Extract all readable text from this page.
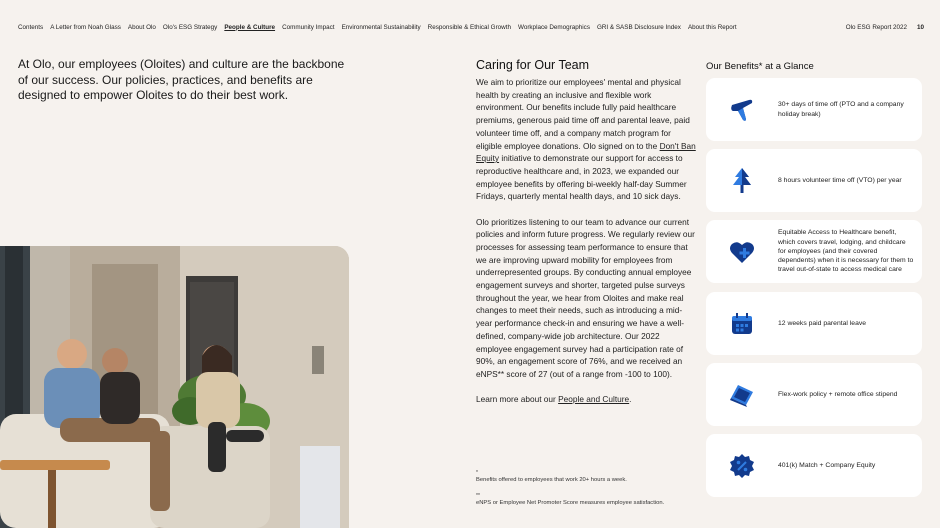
Contents A Letter from Noah Glass About Olo Olo's ESG Strategy People & Culture Community Impact Environmental Sustainability Responsible & Ethical Growth Workplace Demographics GRI & SASB Disclosure Index About this Report	Olo ESG Report 2022 10

At Olo, our employees (Oloites) and culture are the backbone of our success. Our policies, practices, and benefits are designed to empower Oloites to do their best work.

Caring for Our Team

We aim to prioritize our employees' mental and physical health by creating an inclusive and flexible work environment. Our benefits include fully paid healthcare premiums, generous paid time off and parental leave, paid volunteer time off, and a company match program for eligible employee donations. Olo signed on to the Don't Ban Equity initiative to demonstrate our support for access to reproductive healthcare and, in 2023, we expanded our employee benefits by offering bi-weekly half-day Summer Fridays, quarterly mental health days, and 10 sick days.

Olo prioritizes listening to our team to advance our current policies and inform future progress. We regularly review our processes for assessing team performance to ensure that we are improving upward mobility for employees from underrepresented groups. By conducting annual employee engagement surveys and shorter, targeted pulse surveys throughout the year, we hear from Oloites and make real changes to meet their needs, such as introducing a mid-year performance check-in and ensuring we have a well-defined, company-wide job architecture. Our 2022 employee engagement survey had a participation rate of 90%, an engagement score of 76%, and we received an eNPS** score of 27 (out of a range from -100 to 100).

Learn more about our People and Culture.

*
Benefits offered to employees that work 20+ hours a week.
**
eNPS or Employee Net Promoter Score measures employee satisfaction.
Our Benefits* at a Glance
30+ days of time off (PTO and a company holiday break)
8 hours volunteer time off (VTO) per year
Equitable Access to Healthcare benefit, which covers travel, lodging, and childcare for employees (and their covered dependents) when it is necessary for them to travel out-of-state to access medical care
12 weeks paid parental leave
Flex-work policy + remote office stipend
401(k) Match + Company Equity
